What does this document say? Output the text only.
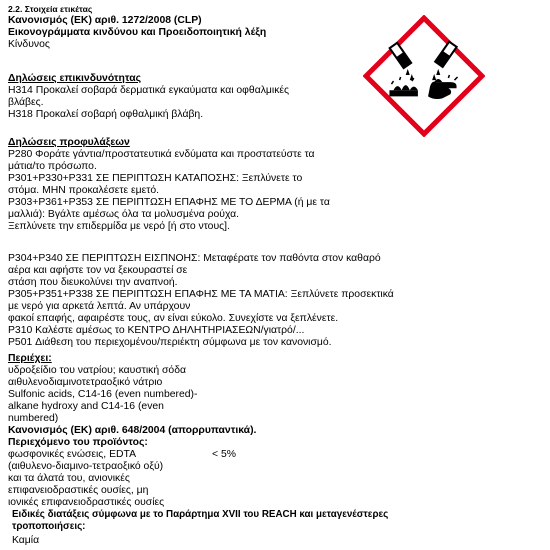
2.2. Στοιχεία ετικέτας
Κανονισμός (ΕΚ) αριθ. 1272/2008 (CLP)
Εικονογράμματα κινδύνου και Προειδοποιητική λέξη
Κίνδυνος
Δηλώσεις επικινδυνότητας
H314 Προκαλεί σοβαρά δερματικά εγκαύματα και οφθαλμικές
βλάβες.
H318 Προκαλεί σοβαρή οφθαλμική βλάβη.
Δηλώσεις προφυλάξεων
P280 Φοράτε γάντια/προστατευτικά ενδύματα και προστατεύστε τα
μάτια/το πρόσωπο.
P301+P330+P331 ΣΕ ΠΕΡΙΠΤΩΣΗ ΚΑΤΑΠΟΣΗΣ: Ξεπλύνετε το
στόμα. ΜΗΝ προκαλέσετε εμετό.
P303+P361+P353 ΣΕ ΠΕΡΙΠΤΩΣΗ ΕΠΑΦΗΣ ΜΕ ΤΟ ΔΕΡΜΑ (ή με τα
μαλλιά): Βγάλτε αμέσως όλα τα μολυσμένα ρούχα.
Ξεπλύνετε την επιδερμίδα με νερό [ή στο ντους].
P304+P340 ΣΕ ΠΕΡΙΠΤΩΣΗ ΕΙΣΠΝΟΗΣ: Μεταφέρατε τον παθόντα στον καθαρό
αέρα και αφήστε τον να ξεκουραστεί σε
στάση που διευκολύνει την αναπνοή.
P305+P351+P338 ΣΕ ΠΕΡΙΠΤΩΣΗ ΕΠΑΦΗΣ ΜΕ ΤΑ ΜΑΤΙΑ: Ξεπλύνετε προσεκτικά
με νερό για αρκετά λεπτά. Αν υπάρχουν
φακοί επαφής, αφαιρέστε τους, αν είναι εύκολο. Συνεχίστε να ξεπλένετε.
P310 Καλέστε αμέσως το ΚΕΝΤΡΟ ΔΗΛΗΤΗΡΙΑΣΕΩΝ/γιατρό/...
P501 Διάθεση του περιεχομένου/περιέκτη σύμφωνα με τον κανονισμό.
Περιέχει:
υδροξείδιο του νατρίου; καυστική σόδα
αιθυλενοδιαμινοτετραοξικό νάτριο
Sulfonic acids, C14-16 (even numbered)-
alkane hydroxy and C14-16 (even
numbered)
Κανονισμός (ΕΚ) αριθ. 648/2004 (απορρυπαντικά).
Περιεχόμενο του προϊόντος:
φωσφονικές ενώσεις, EDTA	< 5%
(αιθυλενο-διαμινο-τετραοξικό οξύ)
και τα άλατά του, ανιονικές
επιφανειοδραστικές ουσίες, μη
ιονικές επιφανειοδραστικές ουσίες
Ειδικές διατάξεις σύμφωνα με το Παράρτημα XVII του REACH και μεταγενέστερες
τροποποιήσεις:
Καμία
